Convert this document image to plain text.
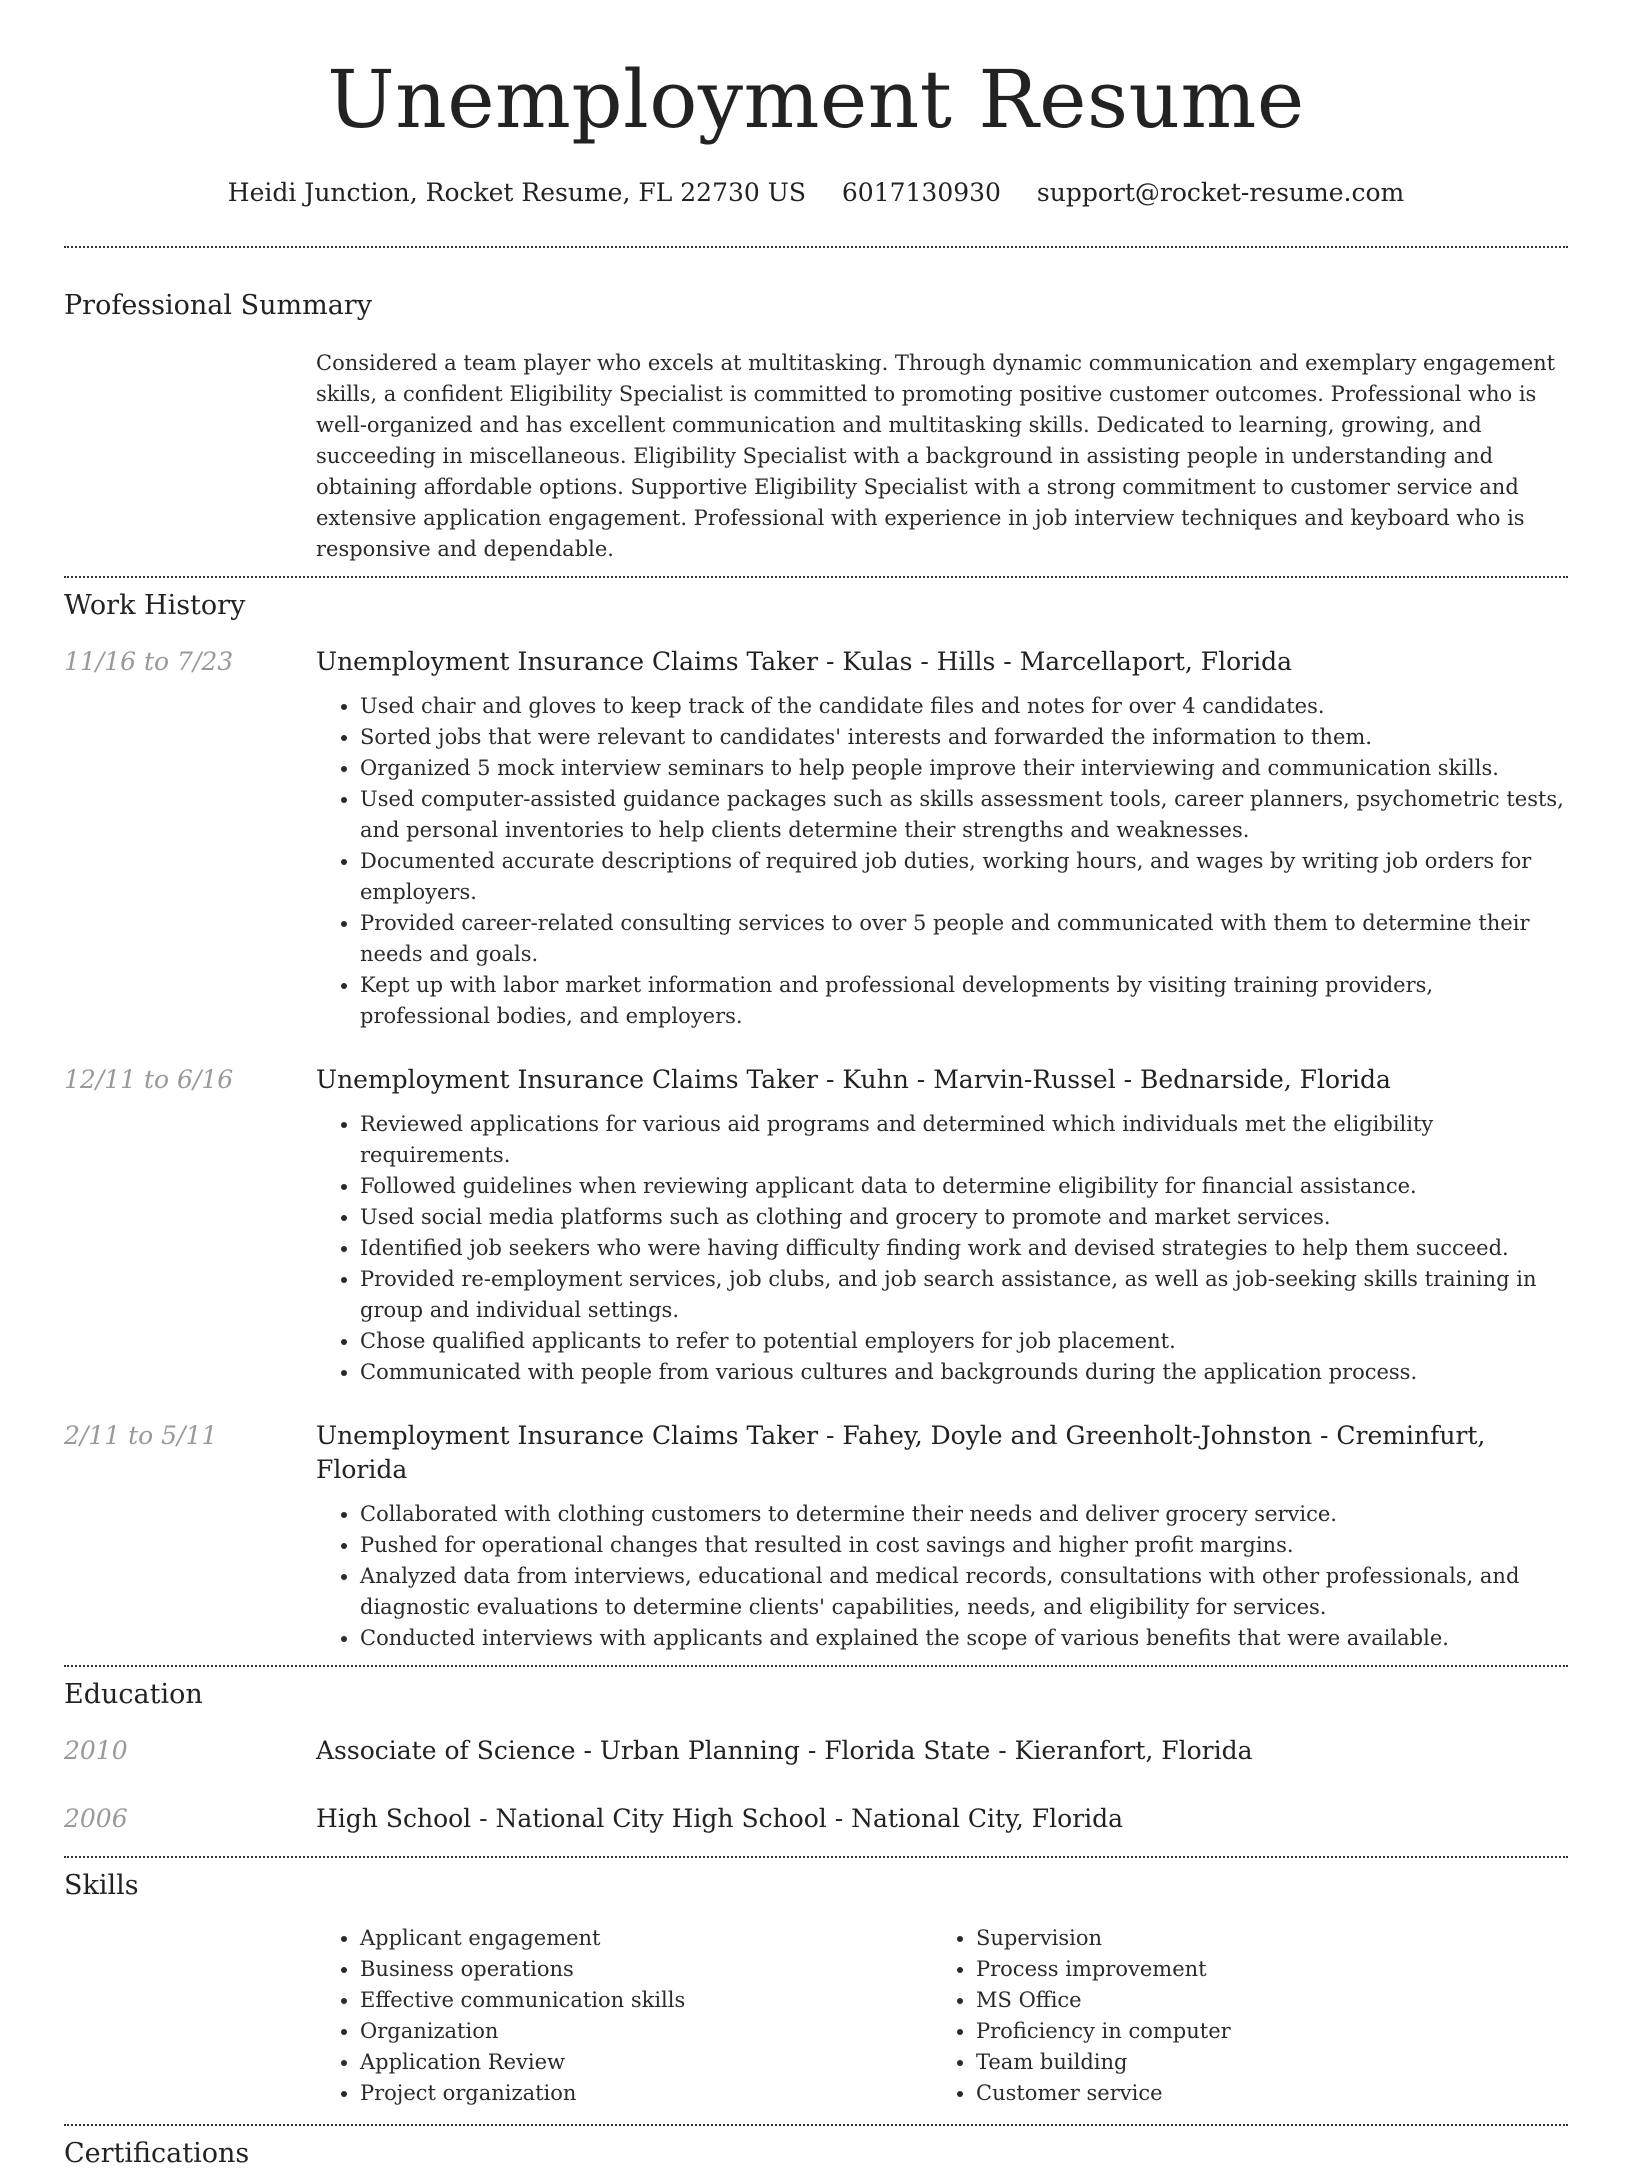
Unemployment Resume
Heidi Junction, Rocket Resume, FL 22730 US 6017130930 support@rocket-resume.com
Professional Summary
Considered a team player who excels at multitasking. Through dynamic communication and exemplary engagement skills, a confident Eligibility Specialist is committed to promoting positive customer outcomes. Professional who is well-organized and has excellent communication and multitasking skills. Dedicated to learning, growing, and succeeding in miscellaneous. Eligibility Specialist with a background in assisting people in understanding and obtaining affordable options. Supportive Eligibility Specialist with a strong commitment to customer service and extensive application engagement. Professional with experience in job interview techniques and keyboard who is responsive and dependable.
Work History
11/16 to 7/23	Unemployment Insurance Claims Taker - Kulas - Hills - Marcellaport, Florida
• Used chair and gloves to keep track of the candidate files and notes for over 4 candidates.
• Sorted jobs that were relevant to candidates' interests and forwarded the information to them.
• Organized 5 mock interview seminars to help people improve their interviewing and communication skills.
• Used computer-assisted guidance packages such as skills assessment tools, career planners, psychometric tests, and personal inventories to help clients determine their strengths and weaknesses.
• Documented accurate descriptions of required job duties, working hours, and wages by writing job orders for employers.
• Provided career-related consulting services to over 5 people and communicated with them to determine their needs and goals.
• Kept up with labor market information and professional developments by visiting training providers, professional bodies, and employers.
12/11 to 6/16	Unemployment Insurance Claims Taker - Kuhn - Marvin-Russel - Bednarside, Florida
• Reviewed applications for various aid programs and determined which individuals met the eligibility requirements.
• Followed guidelines when reviewing applicant data to determine eligibility for financial assistance.
• Used social media platforms such as clothing and grocery to promote and market services.
• Identified job seekers who were having difficulty finding work and devised strategies to help them succeed.
• Provided re-employment services, job clubs, and job search assistance, as well as job-seeking skills training in group and individual settings.
• Chose qualified applicants to refer to potential employers for job placement.
• Communicated with people from various cultures and backgrounds during the application process.
2/11 to 5/11	Unemployment Insurance Claims Taker - Fahey, Doyle and Greenholt-Johnston - Creminfurt, Florida
• Collaborated with clothing customers to determine their needs and deliver grocery service.
• Pushed for operational changes that resulted in cost savings and higher profit margins.
• Analyzed data from interviews, educational and medical records, consultations with other professionals, and diagnostic evaluations to determine clients' capabilities, needs, and eligibility for services.
• Conducted interviews with applicants and explained the scope of various benefits that were available.
Education
2010	Associate of Science - Urban Planning - Florida State - Kieranfort, Florida
2006	High School - National City High School - National City, Florida
Skills
• Applicant engagement
• Business operations
• Effective communication skills
• Organization
• Application Review
• Project organization
• Supervision
• Process improvement
• MS Office
• Proficiency in computer
• Team building
• Customer service
Certifications
